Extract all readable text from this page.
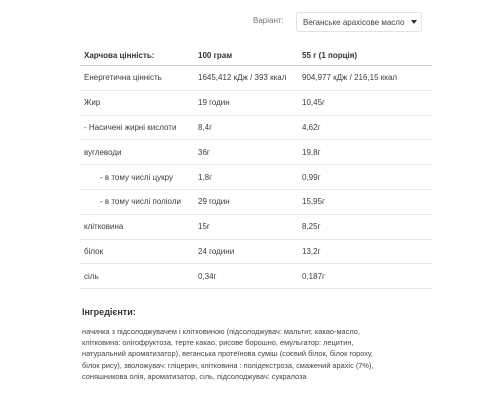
Варіант:	Веганське арахісове масло
Харчова цінність:	100 грам	55 г (1 порція)
Енергетична цінність	1645,412 кДж / 393 ккал	904,977 кДж / 216,15 ккал
Жир	19 годин	10,45г
- Насичені жирні кислоти	8,4г	4,62г
вуглеводи	36г	19,8г
- в тому числі цукру	1,8г	0,99г
- в тому числі поліоли	29 годин	15,95г
клітковина	15г	8,25г
білок	24 години	13,2г
сіль	0,34г	0,187г
Інгредієнти:
начинка з підсолоджувачем і клітковиною (підсолоджувач: мальтит, какао-масло,
клітковина: олігофруктоза, терте какао, рисове борошно, емульгатор: лецитин,
натуральний ароматизатор), веганська протеїнова суміш (соєвий білок, білок гороху,
білок рису), зволожувач: гліцерин, клітковина : полідекстроза, смажений арахіс (7%),
соняшникова олія, ароматизатор, сіль, підсолоджувач: сукралоза
